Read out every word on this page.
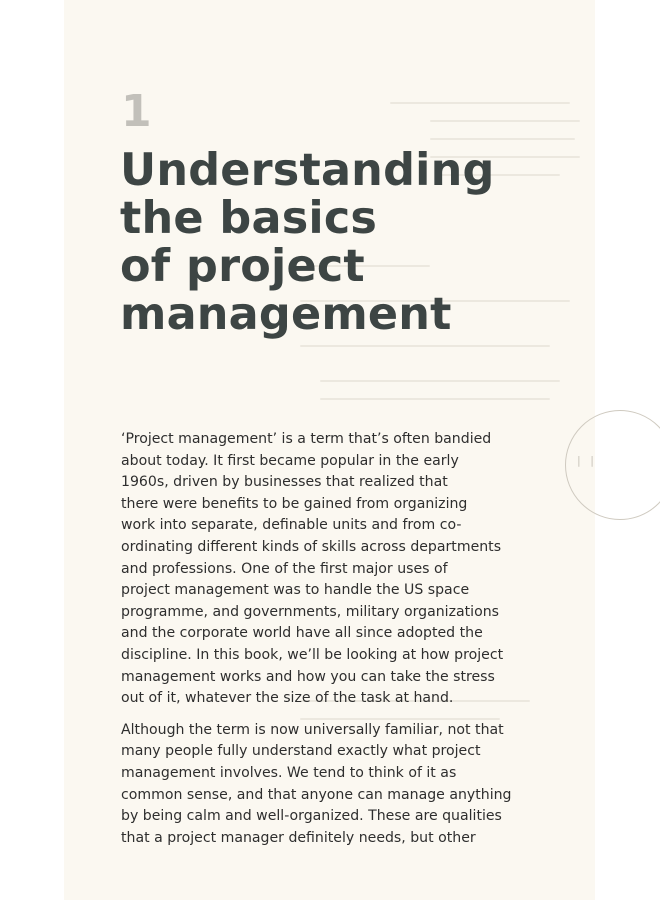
| |
1
Understanding
the basics
of project
management

‘Project management’ is a term that’s often bandied
about today. It first became popular in the early
1960s, driven by businesses that realized that
there were benefits to be gained from organizing
work into separate, definable units and from co-
ordinating different kinds of skills across departments
and professions. One of the first major uses of
project management was to handle the US space
programme, and governments, military organizations
and the corporate world have all since adopted the
discipline. In this book, we’ll be looking at how project
management works and how you can take the stress
out of it, whatever the size of the task at hand.

Although the term is now universally familiar, not that
many people fully understand exactly what project
management involves. We tend to think of it as
common sense, and that anyone can manage anything
by being calm and well-organized. These are qualities
that a project manager definitely needs, but other
